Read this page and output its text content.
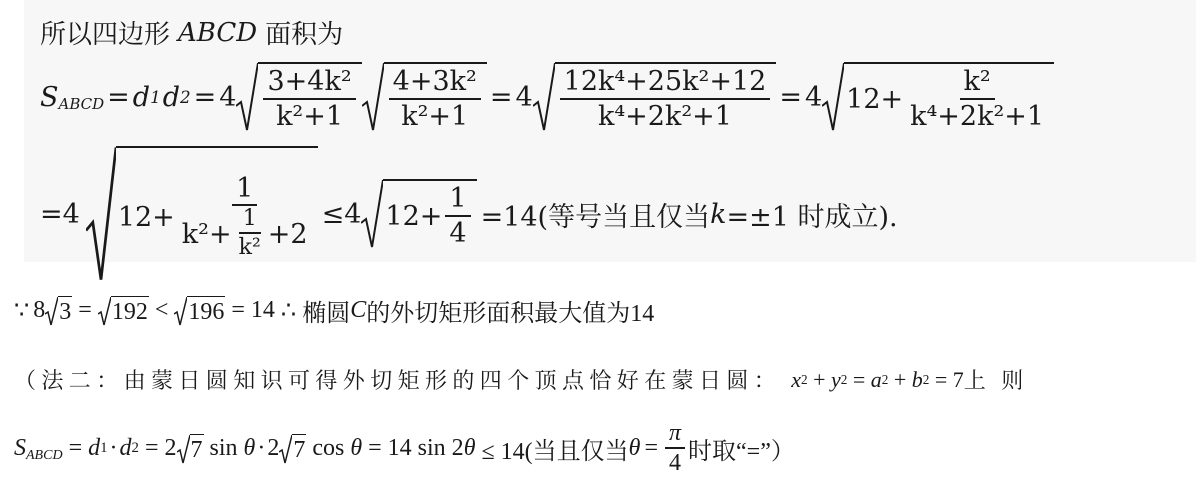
所以四边形 ABCD 面积为
S ABCD = d 1 d $2 = 4 \frac{\text{3+4k²}}{\text{k²+1}} \frac{\text{4+3k²}}{\text{k²+1}} = 4 \frac{\text{12k⁴+25k²+12}}{\text{k⁴+2k²+1}} = 4$ $12+ \frac{\text{k²}}{\text{k⁴+2k²+1}}$
=4 $12+ \frac{1}{k^2+ \frac{1}{\text{k²}} +2} \le 4$ $12+ \frac{1}{4} =14$(等号当且仅当 k =±1 时成立).
∵ 8 3 = 192 < 196 = 14 ∴ 椭圆 C 的外切矩形面积最大值为14
（法二：由蒙日圆知识可得外切矩形的四个顶点恰好在蒙日圆： x 2 + y 2 = a 2 + b 2 = 7 上 则
S ABCD = d 1 · d 2 = 2 7 sin θ · 2 7 cos θ = 14 sin 2 θ ≤ 14(当且仅当 $\theta = \frac{\pi}{4}$ 时取“=”）
